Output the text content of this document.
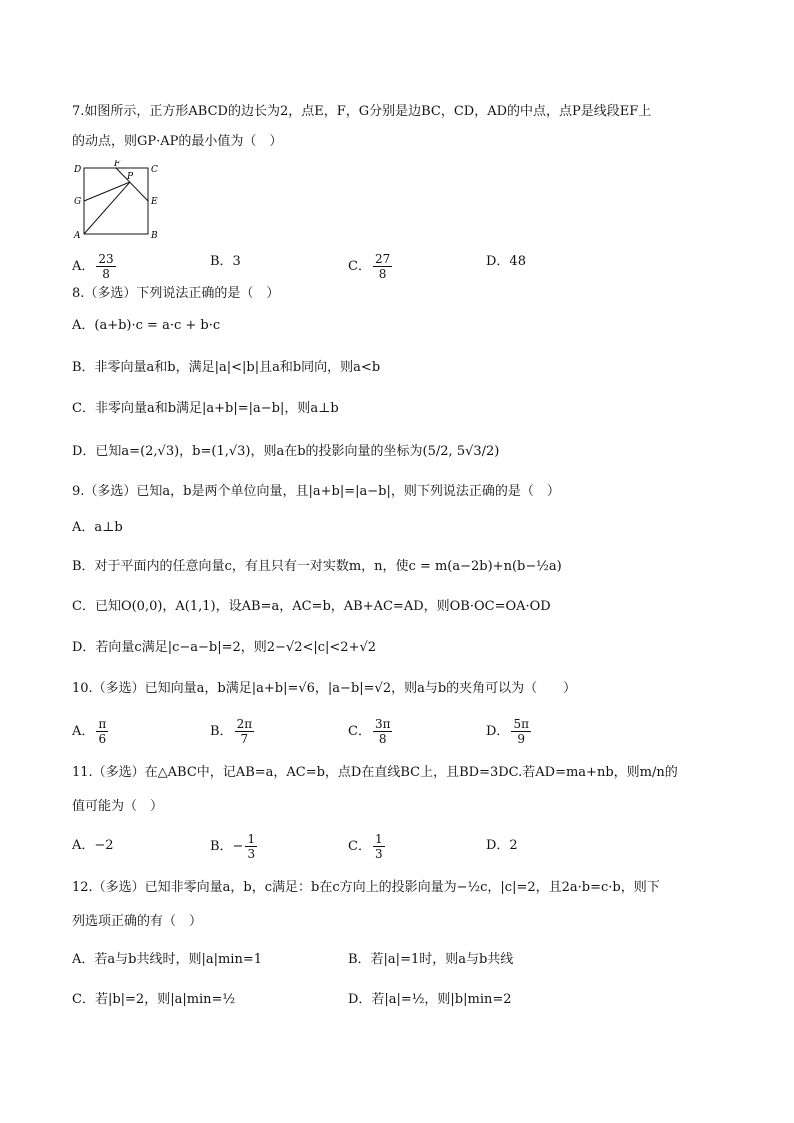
7.如图所示，正方形ABCD的边长为2，点E，F，G分别是边BC，CD，AD的中点，点P是线段EF上
的动点，则GP·AP的最小值为（　）
D
F
C
P
G	E
A	B
A． $\frac{23}{8}$	B．3	C． $\frac{27}{8}$	D．48
8.（多选）下列说法正确的是（　）
A．(a+b)·c = a·c + b·c
B．非零向量a和b，满足|a|<|b|且a和b同向，则a<b
C．非零向量a和b满足|a+b|=|a−b|，则a⊥b
D．已知a=(2,√3)，b=(1,√3)，则a在b的投影向量的坐标为(5/2, 5√3/2)
9.（多选）已知a，b是两个单位向量，且|a+b|=|a−b|，则下列说法正确的是（　）
A．a⊥b
B．对于平面内的任意向量c，有且只有一对实数m，n，使c = m(a−2b)+n(b−½a)
C．已知O(0,0)，A(1,1)，设AB=a，AC=b，AB+AC=AD，则OB·OC=OA·OD
D．若向量c满足|c−a−b|=2，则2−√2<|c|<2+√2
10.（多选）已知向量a，b满足|a+b|=√6，|a−b|=√2，则a与b的夹角可以为（　　）
A． $\frac{\pi}{6}$	B． $\frac{2\pi}{7}$	C． $\frac{3\pi}{8}$	D． $\frac{5\pi}{9}$
11.（多选）在△ABC中，记AB=a，AC=b，点D在直线BC上，且BD=3DC.若AD=ma+nb，则m/n的
值可能为（　）
A．−2	B．− $\frac{1}{3}$	C． $\frac{1}{3}$	D．2
12.（多选）已知非零向量a，b，c满足：b在c方向上的投影向量为−½c，|c|=2，且2a·b=c·b，则下
列选项正确的有（　）
A．若a与b共线时，则|a|min=1	B．若|a|=1时，则a与b共线
C．若|b|=2，则|a|min=½	D．若|a|=½，则|b|min=2
